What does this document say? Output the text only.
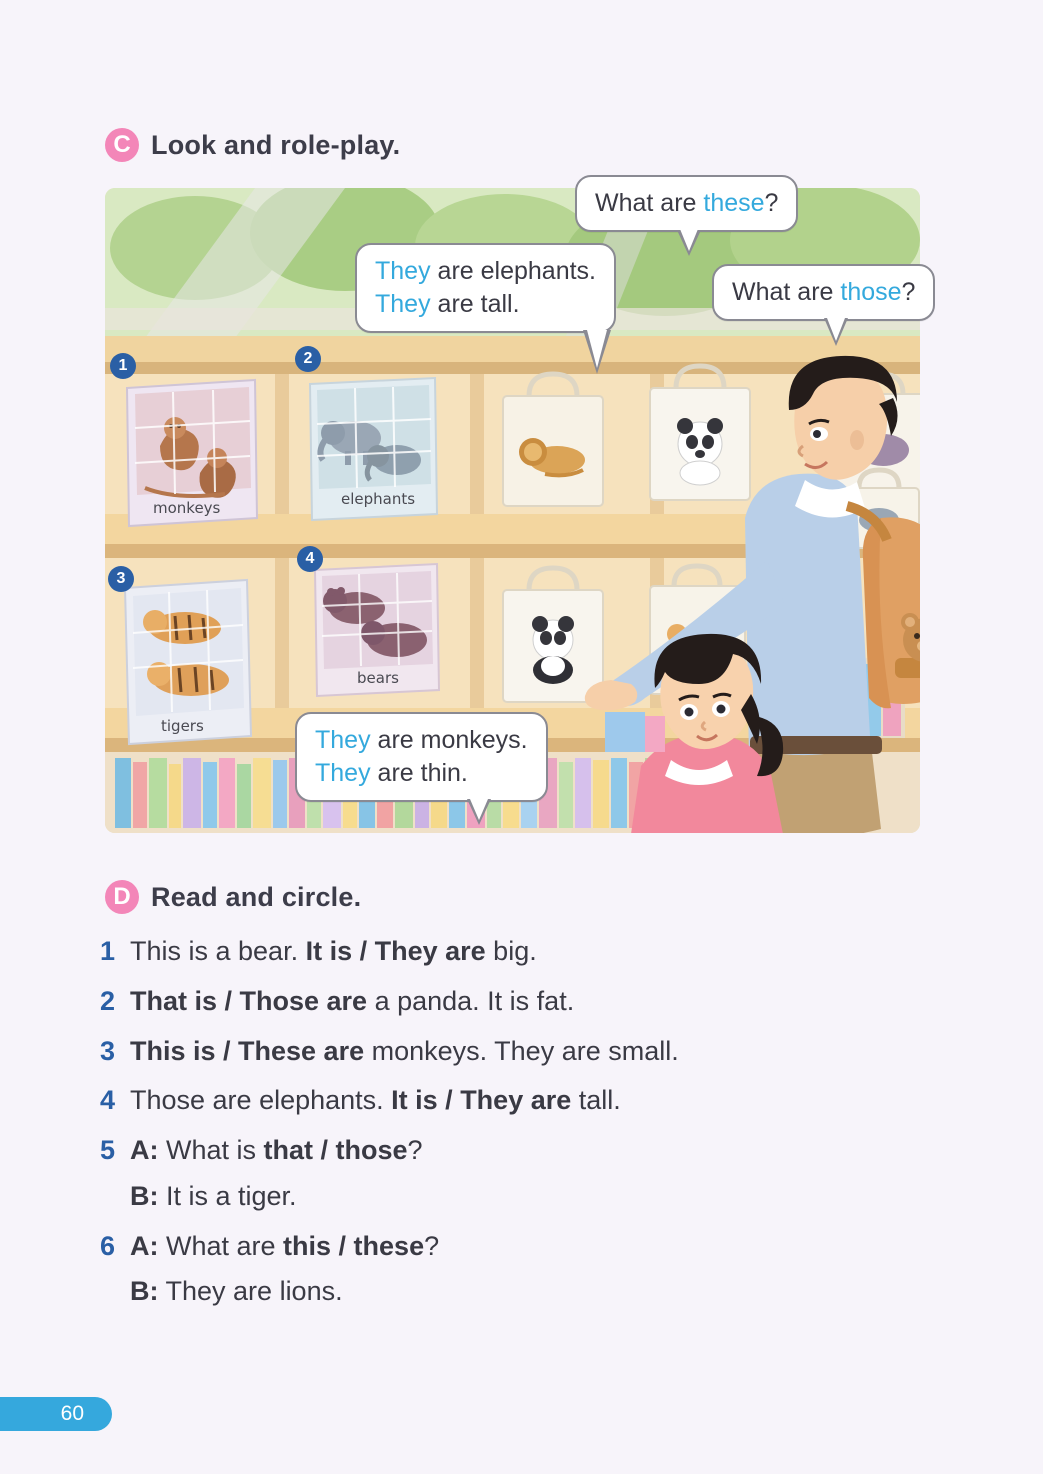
C Look and role-play.
monkeys	elephants
tigers
bears
1	2
3
4
What are these?
They are elephants.
They are tall.	What are those?
They are monkeys.
They are thin.
D Read and circle.
1 This is a bear. It is / They are big.
2 That is / Those are a panda. It is fat.
3 This is / These are monkeys. They are small.
4 Those are elephants. It is / They are tall.
5 A: What is that / those?
B: It is a tiger.
6 A: What are this / these?
B: They are lions.
60
